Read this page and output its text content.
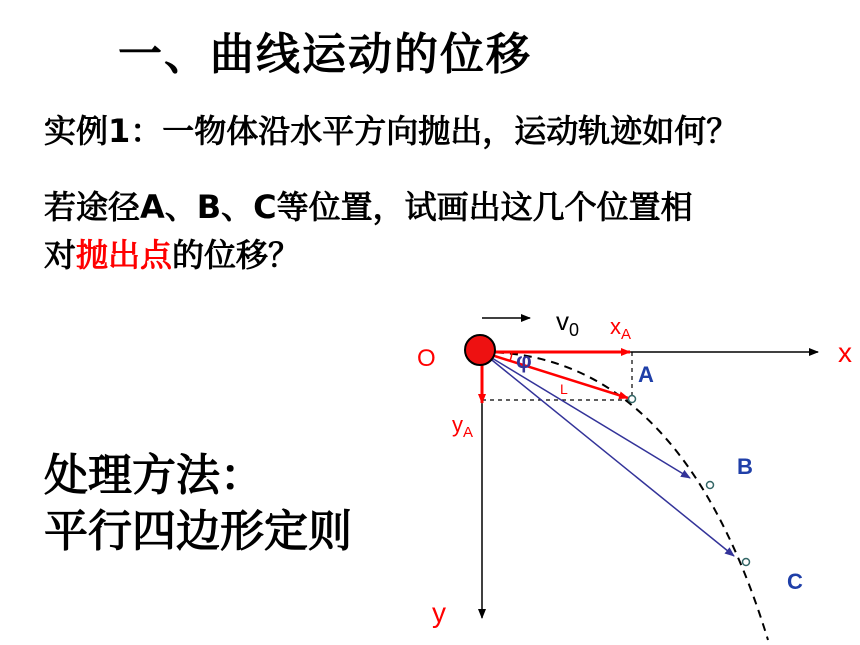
一、曲线运动的位移
实例1：一物体沿水平方向抛出，运动轨迹如何？
若途径A、B、C等位置，试画出这几个位置相
对抛出点的位移？
处理方法：
平行四边形定则
$v_0$
x
y
O
$x_A$
$y_A$
L
φ
A
B
C
